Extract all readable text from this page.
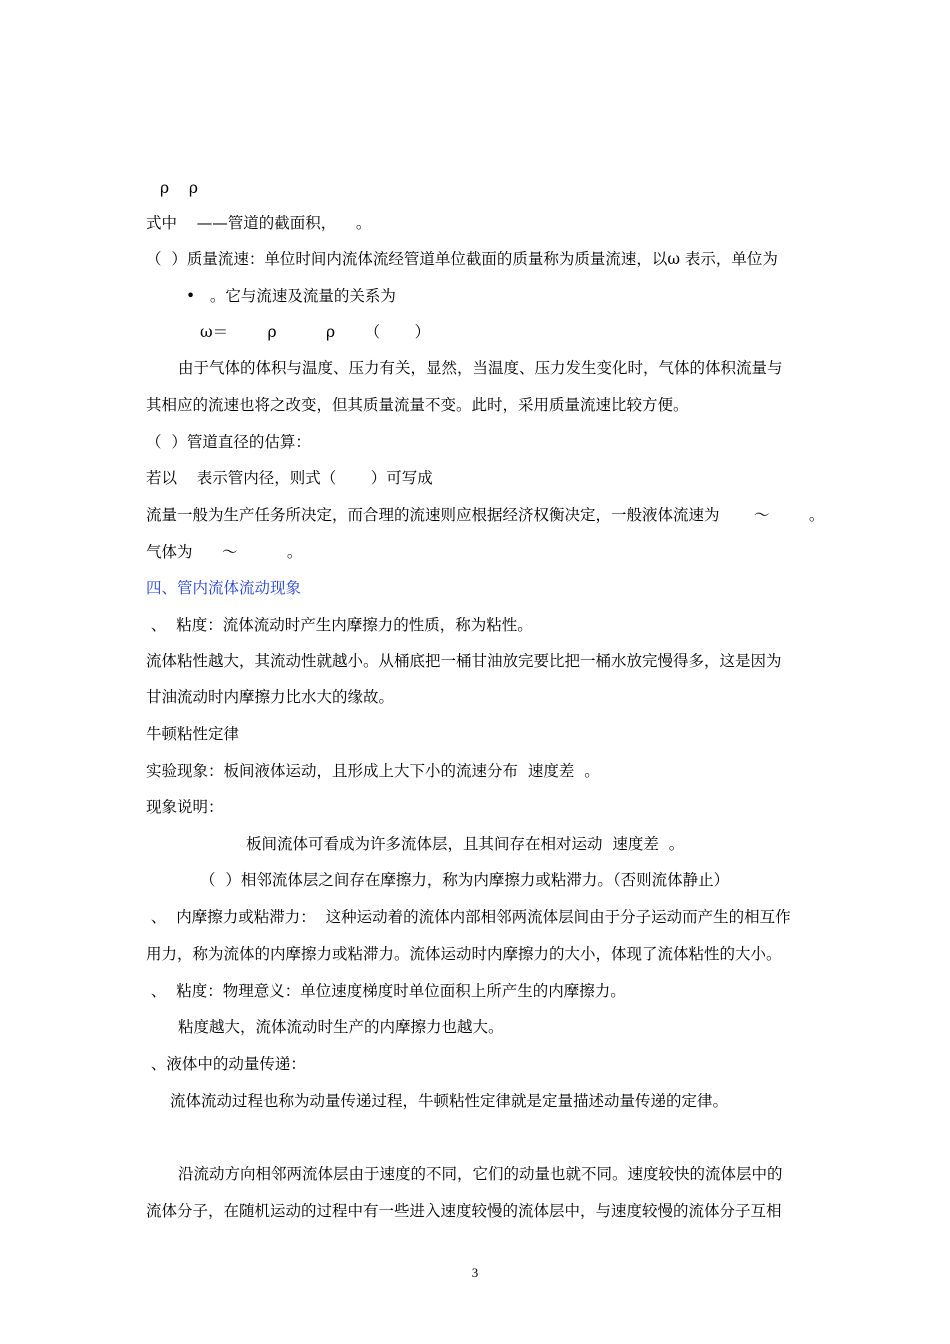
ρ    ρ

式中    ——管道的截面积，    。

（  ）质量流速：单位时间内流体流经管道单位截面的质量称为质量流速，以ω 表示，单位为

•   。它与流速及流量的关系为

ω＝        ρ          ρ      （       ）

由于气体的体积与温度、压力有关，显然，当温度、压力发生变化时，气体的体积流量与

其相应的流速也将之改变，但其质量流量不变。此时，采用质量流速比较方便。

（  ）管道直径的估算：

若以    表示管内径，则式（       ）可写成

流量一般为生产任务所决定，而合理的流速则应根据经济权衡决定，一般液体流速为       ～        。

气体为      ～          。

四、管内流体流动现象

、  粘度：流体流动时产生内摩擦力的性质，称为粘性。

流体粘性越大，其流动性就越小。从桶底把一桶甘油放完要比把一桶水放完慢得多，这是因为

甘油流动时内摩擦力比水大的缘故。

牛顿粘性定律

实验现象：板间液体运动，且形成上大下小的流速分布  速度差  。

现象说明：

板间流体可看成为许多流体层，且其间存在相对运动  速度差  。

（  ）相邻流体层之间存在摩擦力，称为内摩擦力或粘滞力。（否则流体静止）

、  内摩擦力或粘滞力：  这种运动着的流体内部相邻两流体层间由于分子运动而产生的相互作

用力，称为流体的内摩擦力或粘滞力。流体运动时内摩擦力的大小，体现了流体粘性的大小。

、  粘度：物理意义：单位速度梯度时单位面积上所产生的内摩擦力。

粘度越大，流体流动时生产的内摩擦力也越大。

、液体中的动量传递：

流体流动过程也称为动量传递过程，牛顿粘性定律就是定量描述动量传递的定律。

沿流动方向相邻两流体层由于速度的不同，它们的动量也就不同。速度较快的流体层中的

流体分子，在随机运动的过程中有一些进入速度较慢的流体层中，与速度较慢的流体分子互相

3
